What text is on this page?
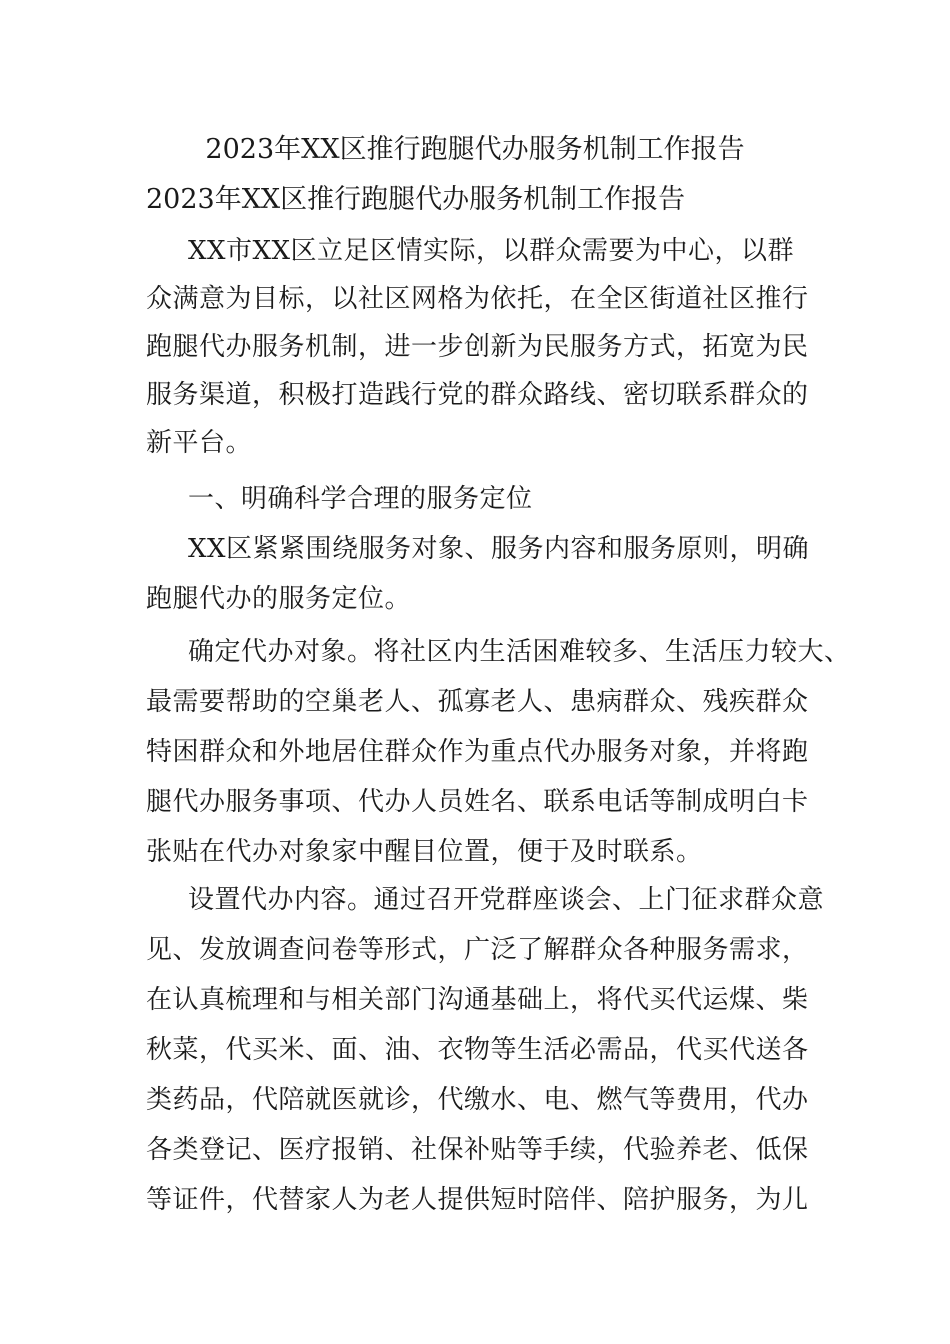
2023年XX区推行跑腿代办服务机制工作报告
2023年XX区推行跑腿代办服务机制工作报告
XX市XX区立足区情实际，以群众需要为中心，以群
众满意为目标，以社区网格为依托，在全区街道社区推行
跑腿代办服务机制，进一步创新为民服务方式，拓宽为民
服务渠道，积极打造践行党的群众路线、密切联系群众的
新平台。
一、明确科学合理的服务定位
XX区紧紧围绕服务对象、服务内容和服务原则，明确
跑腿代办的服务定位。
确定代办对象。将社区内生活困难较多、生活压力较大、
最需要帮助的空巢老人、孤寡老人、患病群众、残疾群众
特困群众和外地居住群众作为重点代办服务对象，并将跑
腿代办服务事项、代办人员姓名、联系电话等制成明白卡
张贴在代办对象家中醒目位置，便于及时联系。
设置代办内容。通过召开党群座谈会、上门征求群众意
见、发放调查问卷等形式，广泛了解群众各种服务需求，
在认真梳理和与相关部门沟通基础上，将代买代运煤、柴
秋菜，代买米、面、油、衣物等生活必需品，代买代送各
类药品，代陪就医就诊，代缴水、电、燃气等费用，代办
各类登记、医疗报销、社保补贴等手续，代验养老、低保
等证件，代替家人为老人提供短时陪伴、陪护服务，为儿
